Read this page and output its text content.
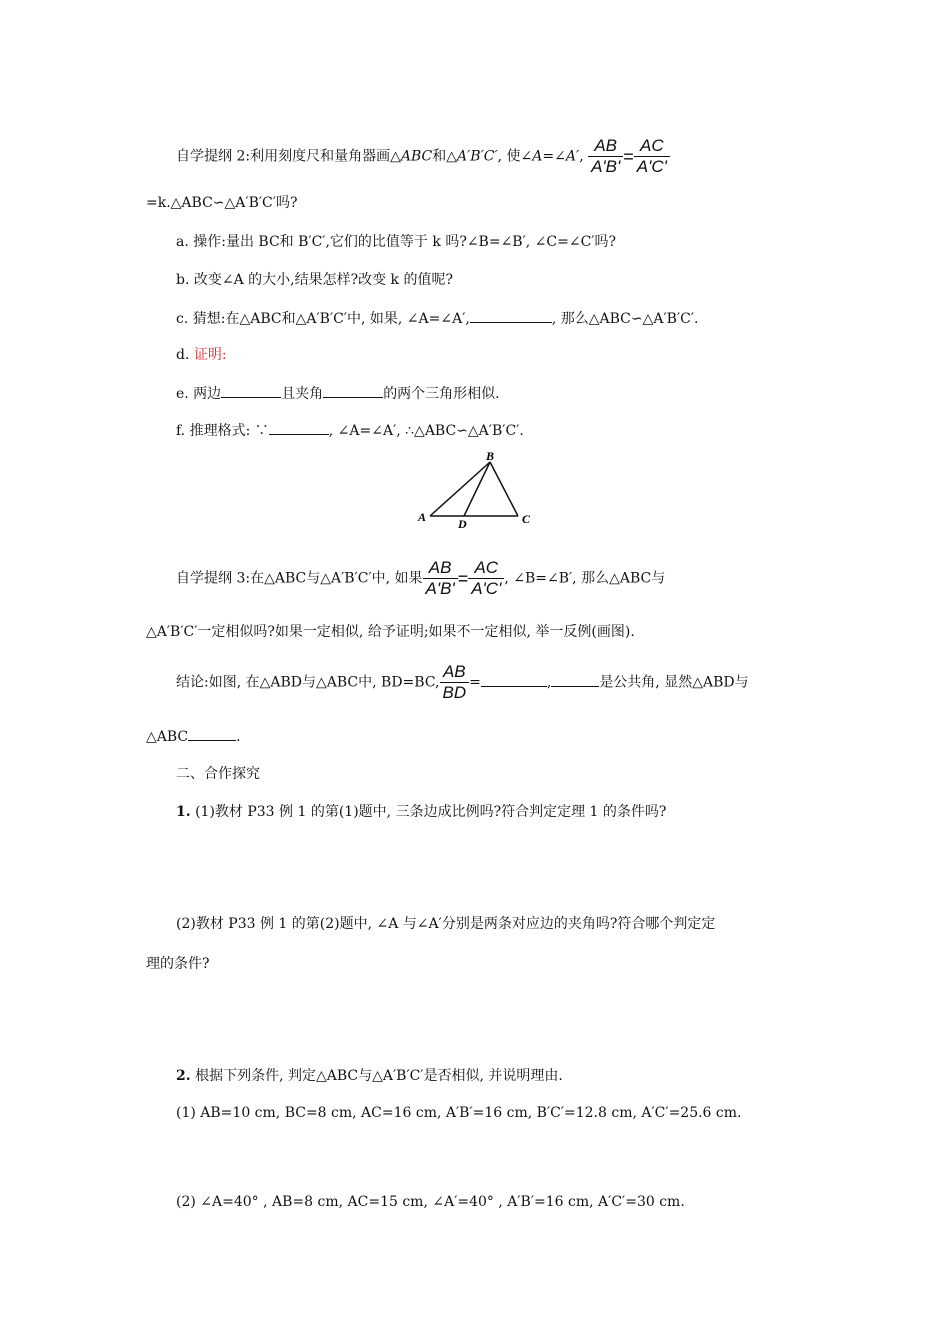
自学提纲 2:利用刻度尺和量角器画△ABC和△A′B′C′, 使∠A=∠A′, $\frac{AB}{A'B'} = \frac{AC}{A'C'}$
=k.△ABC∽△A′B′C′吗?
a. 操作:量出 BC和 B′C′,它们的比值等于 k 吗?∠B=∠B′, ∠C=∠C′吗?
b. 改变∠A 的大小,结果怎样?改变 k 的值呢?
c. 猜想:在△ABC和△A′B′C′中, 如果, ∠A=∠A′,	, 那么△ABC∽△A′B′C′.
d. 证明:
e. 两边	且夹角	的两个三角形相似.
f. 推理格式: ∵	, ∠A=∠A′, ∴△ABC∽△A′B′C′.
B
A	D	C
自学提纲 3:在△ABC与△A′B′C′中, 如果 $\frac{AB}{A'B'} = \frac{AC}{A'C'}$ , ∠B=∠B′, 那么△ABC与
△A′B′C′一定相似吗?如果一定相似, 给予证明;如果不一定相似, 举一反例(画图).
结论:如图, 在△ABD与△ABC中, BD=BC, $\frac{AB}{BD}$ =	,	是公共角, 显然△ABD与
△ABC	.
二、合作探究
1. (1)教材 P33 例 1 的第(1)题中, 三条边成比例吗?符合判定定理 1 的条件吗?
(2)教材 P33 例 1 的第(2)题中, ∠A 与∠A′分别是两条对应边的夹角吗?符合哪个判定定
理的条件?
2. 根据下列条件, 判定△ABC与△A′B′C′是否相似, 并说明理由.
(1) AB=10 cm, BC=8 cm, AC=16 cm, A′B′=16 cm, B′C′=12.8 cm, A′C′=25.6 cm.
(2) ∠A=40° , AB=8 cm, AC=15 cm, ∠A′=40° , A′B′=16 cm, A′C′=30 cm.
